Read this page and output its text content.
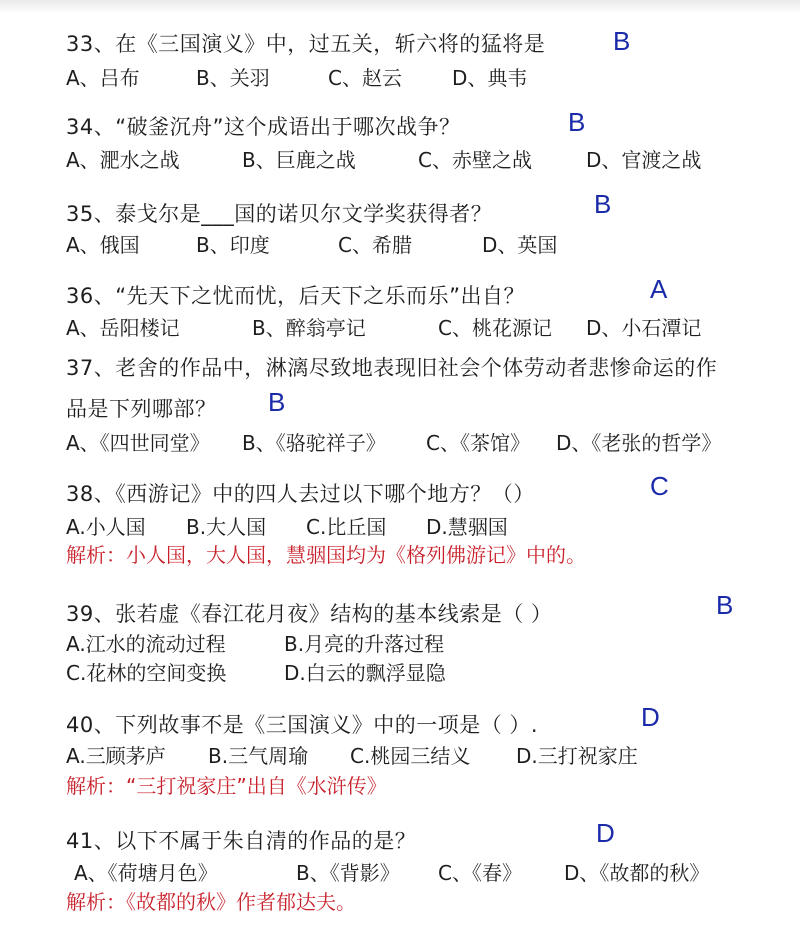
33、在《三国演义》中，过五关，斩六将的猛将是	B
A、吕布	B、关羽	C、赵云	D、典韦
34、“破釜沉舟”这个成语出于哪次战争？	B
A、淝水之战	B、巨鹿之战	C、赤壁之战	D、官渡之战
35、泰戈尔是___国的诺贝尔文学奖获得者？	B
A、俄国	B、印度	C、希腊	D、英国
36、“先天下之忧而忧，后天下之乐而乐”出自？	A
A、岳阳楼记	B、醉翁亭记	C、桃花源记 D、小石潭记
37、老舍的作品中，淋漓尽致地表现旧社会个体劳动者悲惨命运的作
品是下列哪部？ B
A、《四世同堂》 B、《骆驼祥子》 C、《茶馆》 D、《老张的哲学》
38、《西游记》中的四人去过以下哪个地方？（）	C
A.小人国 B.大人国 C.比丘国 D.慧骃国
解析：小人国，大人国，慧骃国均为《格列佛游记》中的。
39、张若虚《春江花月夜》结构的基本线索是（ ）	B
A.江水的流动过程	B.月亮的升落过程
C.花林的空间变换	D.白云的飘浮显隐
40、下列故事不是《三国演义》中的一项是（ ）.	D
A.三顾茅庐 B.三气周瑜 C.桃园三结义 D.三打祝家庄
解析：“三打祝家庄”出自《水浒传》
41、以下不属于朱自清的作品的是？	D
A、《荷塘月色》	B、《背影》 C、《春》 D、《故都的秋》
解析：《故都的秋》作者郁达夫。
